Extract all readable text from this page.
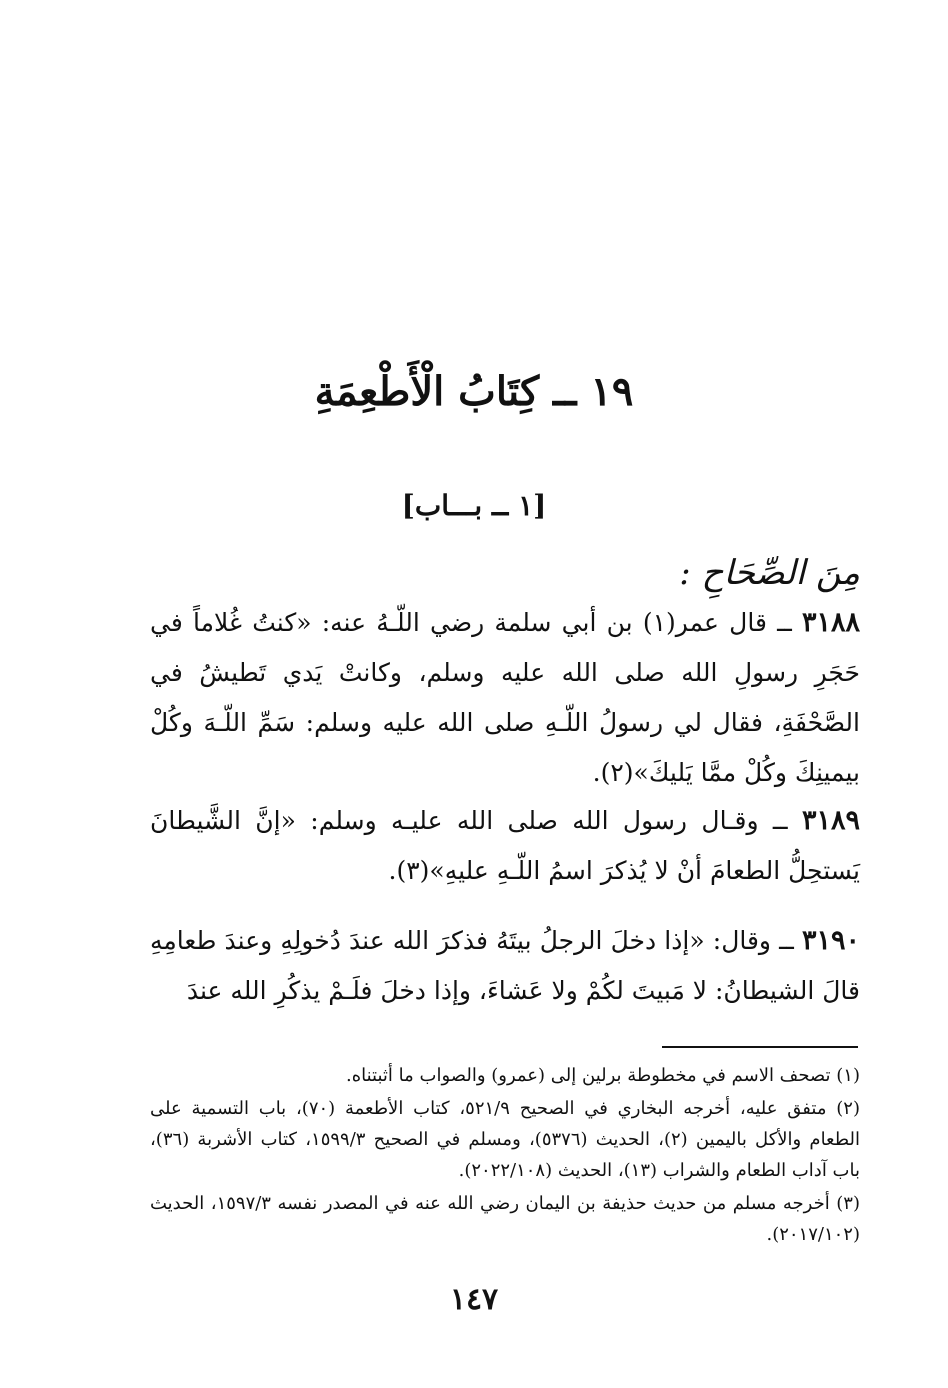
١٩ ــ كِتَابُ الْأَطْعِمَةِ
[١ ــ بـــاب]
مِنَ الصِّحَاحِ :
٣١٨٨ ــ قال عمر(١) بن أبي سلمة رضي اللّـهُ عنه: «كنتُ غُلاماً في حَجَرِ رسولِ الله صلى الله عليه وسلم، وكانتْ يَدي تَطيشُ في الصَّحْفَةِ، فقال لي رسولُ اللّـهِ صلى الله عليه وسلم: سَمِّ اللّـهَ وكُلْ بيمينِكَ وكُلْ ممَّا يَليكَ»(٢).
٣١٨٩ ــ وقـال رسول الله صلى الله عليـه وسلم: «إنَّ الشَّيطانَ يَستحِلُّ الطعامَ أنْ لا يُذكرَ اسمُ اللّـهِ عليهِ»(٣).
٣١٩٠ ــ وقال: «إذا دخلَ الرجلُ بيتَهُ فذكرَ الله عندَ دُخولِهِ وعندَ طعامِهِ قالَ الشيطانُ: لا مَبيتَ لكُمْ ولا عَشاءَ، وإذا دخلَ فلَـمْ يذكُرِ الله عندَ

(١) تصحف الاسم في مخطوطة برلين إلى (عمرو) والصواب ما أثبتناه.

(٢) متفق عليه، أخرجه البخاري في الصحيح ٥٢١/٩، كتاب الأطعمة (٧٠)، باب التسمية على الطعام والأكل باليمين (٢)، الحديث (٥٣٧٦)، ومسلم في الصحيح ١٥٩٩/٣، كتاب الأشربة (٣٦)، باب آداب الطعام والشراب (١٣)، الحديث (٢٠٢٢/١٠٨).

(٣) أخرجه مسلم من حديث حذيفة بن اليمان رضي الله عنه في المصدر نفسه ١٥٩٧/٣، الحديث (٢٠١٧/١٠٢).

١٤٧
